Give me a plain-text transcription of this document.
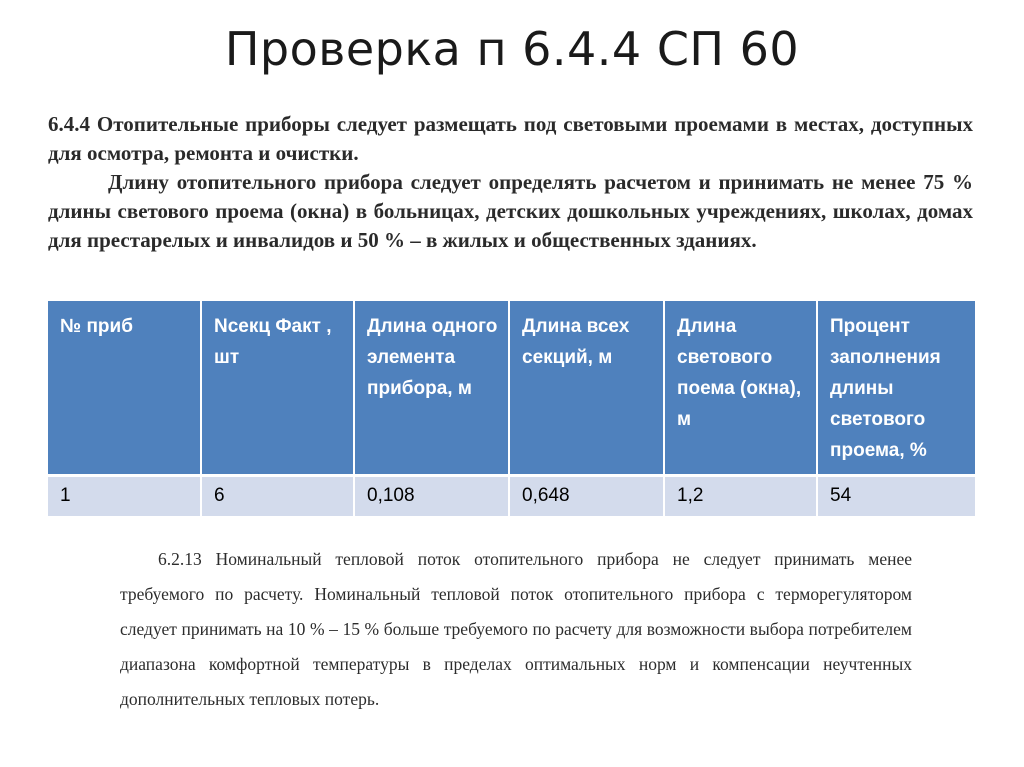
Проверка п 6.4.4 СП 60

6.4.4 Отопительные приборы следует размещать под световыми проемами в местах, доступных для осмотра, ремонта и очистки.

Длину отопительного прибора следует определять расчетом и принимать не менее 75 % длины светового проема (окна) в больницах, детских дошкольных учреждениях, школах, домах для престарелых и инвалидов и 50 % – в жилых и общественных зданиях.

№ приб	Nсекц Факт , шт	Длина одного элемента прибора, м	Длина всех секций, м	Длина светового поема (окна), м	Процент заполнения длины светового проема, %
1	6	0,108	0,648	1,2	54

6.2.13 Номинальный тепловой поток отопительного прибора не следует принимать менее требуемого по расчету. Номинальный тепловой поток отопительного прибора с терморегулятором следует принимать на 10 % – 15 % больше требуемого по расчету для возможности выбора потребителем диапазона комфортной температуры в пределах оптимальных норм и компенсации неучтенных дополнительных тепловых потерь.
